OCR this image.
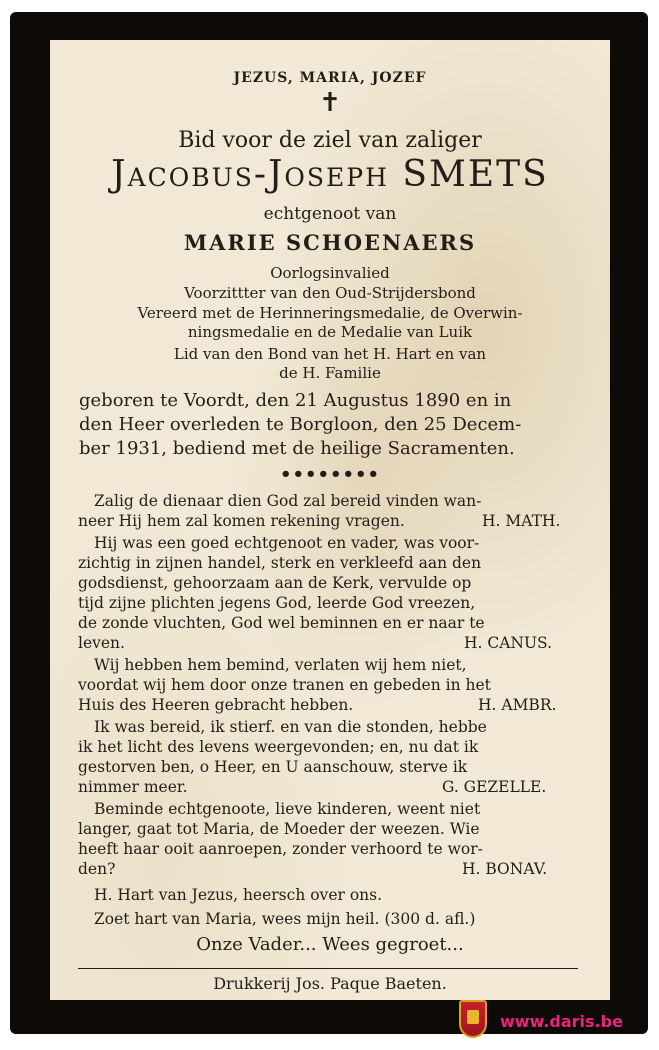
JEZUS, MARIA, JOZEF
✝
Bid voor de ziel van zaliger
Jacobus-Joseph SMETS
echtgenoot van
MARIE SCHOENAERS
Oorlogsinvalied
Voorzittter van den Oud-Strijdersbond
Vereerd met de Herinneringsmedalie, de Overwin-
ningsmedalie en de Medalie van Luik
Lid van den Bond van het H. Hart en van
de H. Familie
geboren te Voordt, den 21 Augustus 1890 en in
den Heer overleden te Borgloon, den 25 Decem-
ber 1931, bediend met de heilige Sacramenten.
••••••••
Zalig de dienaar dien God zal bereid vinden wan-
neer Hij hem zal komen rekening vragen.	H. MATH.
Hij was een goed echtgenoot en vader, was voor-
zichtig in zijnen handel, sterk en verkleefd aan den
godsdienst, gehoorzaam aan de Kerk, vervulde op
tijd zijne plichten jegens God, leerde God vreezen,
de zonde vluchten, God wel beminnen en er naar te
leven.	H. CANUS.
Wij hebben hem bemind, verlaten wij hem niet,
voordat wij hem door onze tranen en gebeden in het
Huis des Heeren gebracht hebben.	H. AMBR.
Ik was bereid, ik stierf. en van die stonden, hebbe
ik het licht des levens weergevonden; en, nu dat ik
gestorven ben, o Heer, en U aanschouw, sterve ik
nimmer meer.	G. GEZELLE.
Beminde echtgenoote, lieve kinderen, weent niet
langer, gaat tot Maria, de Moeder der weezen. Wie
heeft haar ooit aanroepen, zonder verhoord te wor-
den?	H. BONAV.
H. Hart van Jezus, heersch over ons.
Zoet hart van Maria, wees mijn heil. (300 d. afl.)
Onze Vader... Wees gegroet...
Drukkerij Jos. Paque Baeten.
www.daris.be
